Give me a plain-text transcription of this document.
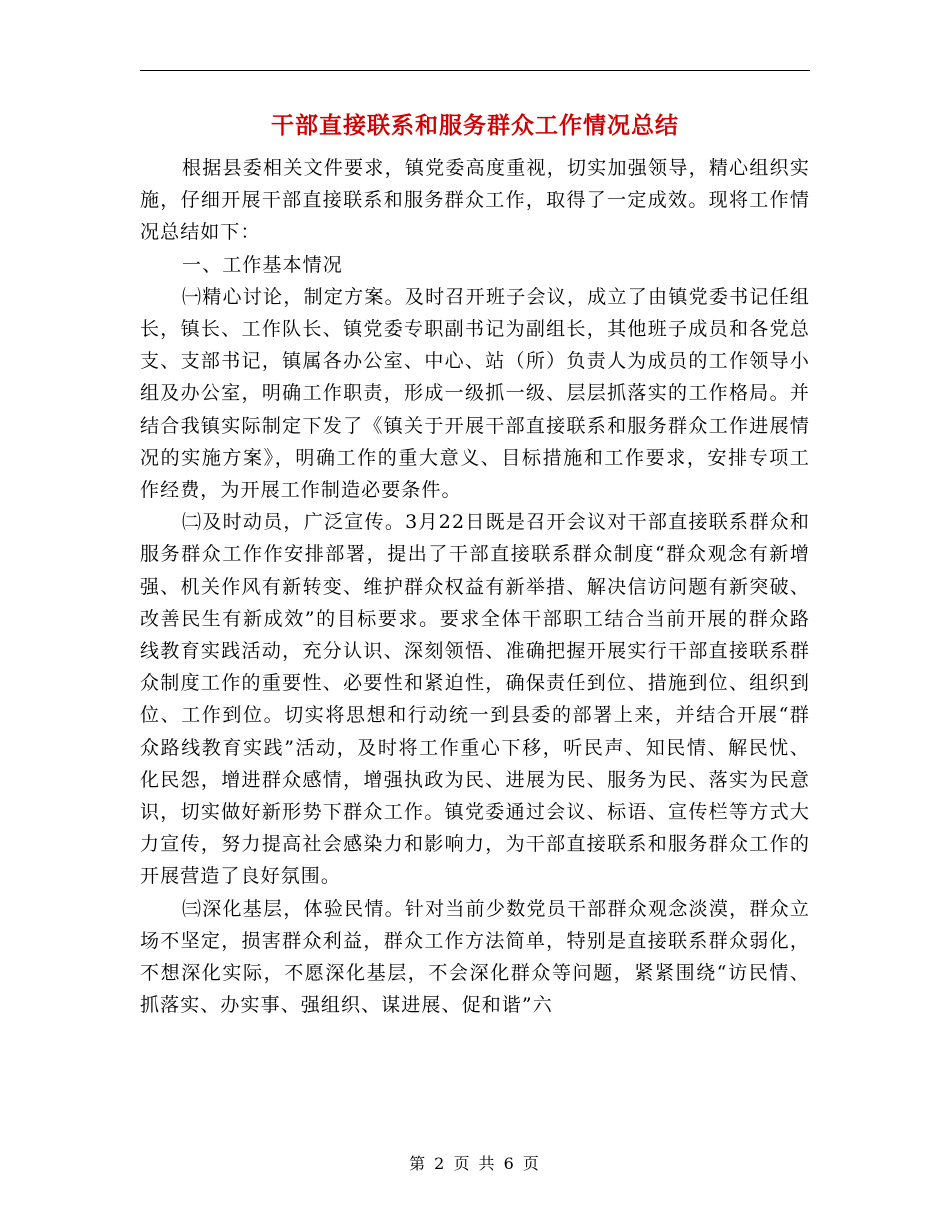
干部直接联系和服务群众工作情况总结

根据县委相关文件要求，镇党委高度重视，切实加强领导，精心组织实施，仔细开展干部直接联系和服务群众工作，取得了一定成效。现将工作情况总结如下：

一、工作基本情况

㈠精心讨论，制定方案。及时召开班子会议，成立了由镇党委书记任组长，镇长、工作队长、镇党委专职副书记为副组长，其他班子成员和各党总支、支部书记，镇属各办公室、中心、站（所）负责人为成员的工作领导小组及办公室，明确工作职责，形成一级抓一级、层层抓落实的工作格局。并结合我镇实际制定下发了《镇关于开展干部直接联系和服务群众工作进展情况的实施方案》，明确工作的重大意义、目标措施和工作要求，安排专项工作经费，为开展工作制造必要条件。

㈡及时动员，广泛宣传。3月22日既是召开会议对干部直接联系群众和服务群众工作作安排部署，提出了干部直接联系群众制度“群众观念有新增强、机关作风有新转变、维护群众权益有新举措、解决信访问题有新突破、改善民生有新成效”的目标要求。要求全体干部职工结合当前开展的群众路线教育实践活动，充分认识、深刻领悟、准确把握开展实行干部直接联系群众制度工作的重要性、必要性和紧迫性，确保责任到位、措施到位、组织到位、工作到位。切实将思想和行动统一到县委的部署上来，并结合开展“群众路线教育实践”活动，及时将工作重心下移，听民声、知民情、解民忧、化民怨，增进群众感情，增强执政为民、进展为民、服务为民、落实为民意识，切实做好新形势下群众工作。镇党委通过会议、标语、宣传栏等方式大力宣传，努力提高社会感染力和影响力，为干部直接联系和服务群众工作的开展营造了良好氛围。

㈢深化基层，体验民情。针对当前少数党员干部群众观念淡漠，群众立场不坚定，损害群众利益，群众工作方法简单，特别是直接联系群众弱化，不想深化实际，不愿深化基层，不会深化群众等问题，紧紧围绕“访民情、抓落实、办实事、强组织、谋进展、促和谐”六

第 2 页 共 6 页
